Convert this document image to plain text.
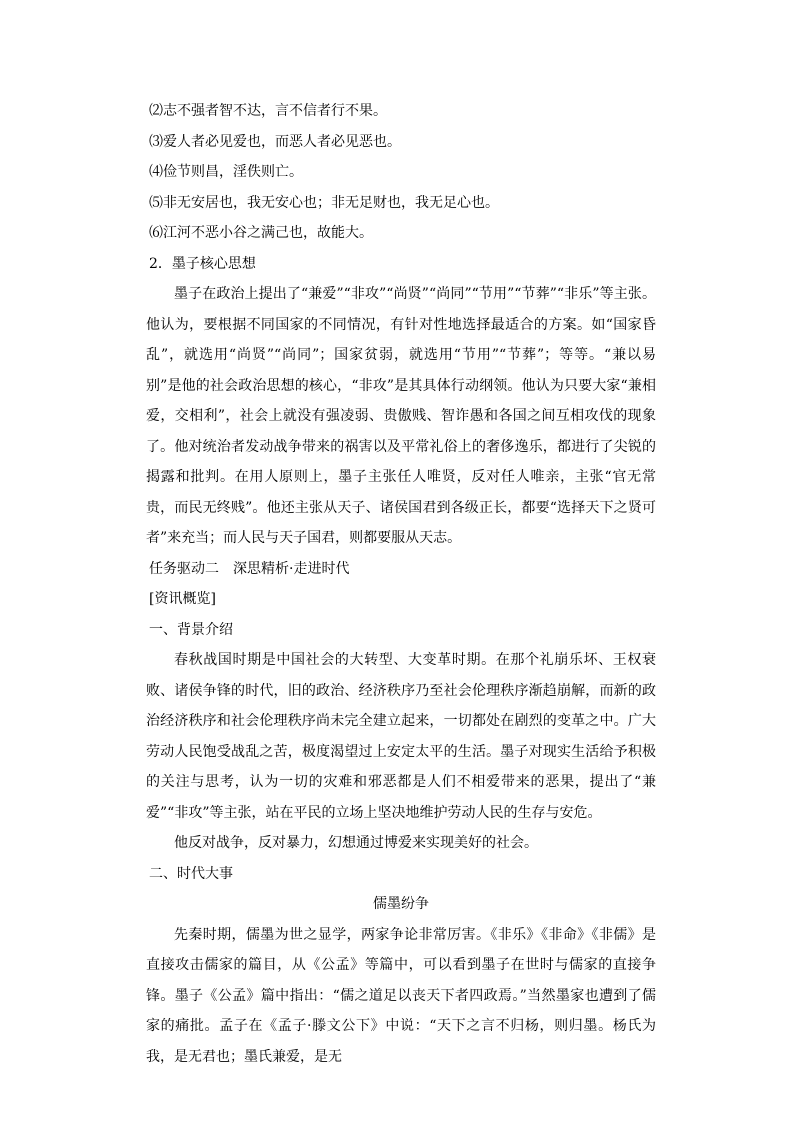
⑵志不强者智不达，言不信者行不果。
⑶爱人者必见爱也，而恶人者必见恶也。
⑷俭节则昌，淫佚则亡。
⑸非无安居也，我无安心也；非无足财也，我无足心也。
⑹江河不恶小谷之满己也，故能大。
2．墨子核心思想

墨子在政治上提出了“兼爱”“非攻”“尚贤”“尚同”“节用”“节葬”“非乐”等主张。他认为，要根据不同国家的不同情况，有针对性地选择最适合的方案。如“国家昏乱”，就选用“尚贤”“尚同”；国家贫弱，就选用“节用”“节葬”；等等。“兼以易别”是他的社会政治思想的核心，“非攻”是其具体行动纲领。他认为只要大家“兼相爱，交相利”，社会上就没有强凌弱、贵傲贱、智诈愚和各国之间互相攻伐的现象了。他对统治者发动战争带来的祸害以及平常礼俗上的奢侈逸乐，都进行了尖锐的揭露和批判。在用人原则上，墨子主张任人唯贤，反对任人唯亲，主张“官无常贵，而民无终贱”。他还主张从天子、诸侯国君到各级正长，都要“选择天下之贤可者”来充当；而人民与天子国君，则都要服从天志。

任务驱动二　深思精析·走进时代
[资讯概览]
一、背景介绍

春秋战国时期是中国社会的大转型、大变革时期。在那个礼崩乐坏、王权衰败、诸侯争锋的时代，旧的政治、经济秩序乃至社会伦理秩序渐趋崩解，而新的政治经济秩序和社会伦理秩序尚未完全建立起来，一切都处在剧烈的变革之中。广大劳动人民饱受战乱之苦，极度渴望过上安定太平的生活。墨子对现实生活给予积极的关注与思考，认为一切的灾难和邪恶都是人们不相爱带来的恶果，提出了“兼爱”“非攻”等主张，站在平民的立场上坚决地维护劳动人民的生存与安危。

他反对战争，反对暴力，幻想通过博爱来实现美好的社会。

二、时代大事
儒墨纷争

先秦时期，儒墨为世之显学，两家争论非常厉害。《非乐》《非命》《非儒》是直接攻击儒家的篇目，从《公孟》等篇中，可以看到墨子在世时与儒家的直接争锋。墨子《公孟》篇中指出：“儒之道足以丧天下者四政焉。”当然墨家也遭到了儒家的痛批。孟子在《孟子·滕文公下》中说：“天下之言不归杨，则归墨。杨氏为我，是无君也；墨氏兼爱，是无
